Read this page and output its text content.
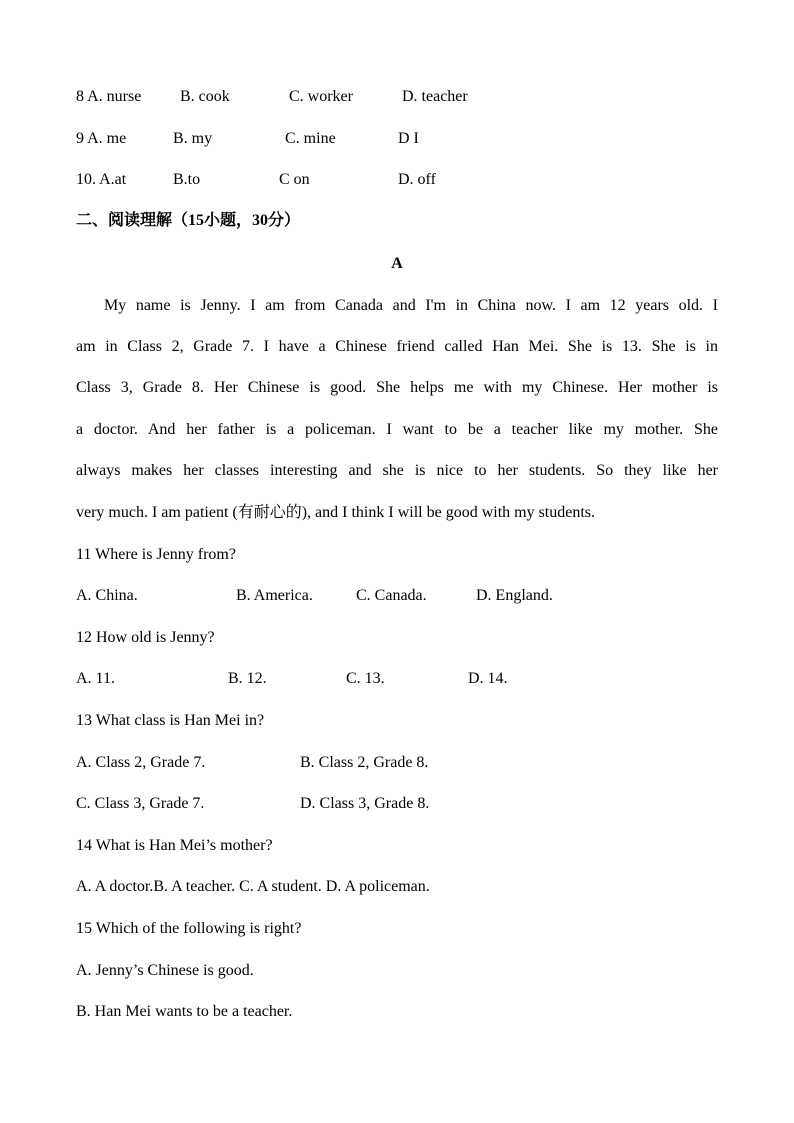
8 A. nurse B. cook	C. worker	D. teacher
9 A. me	B. my	C. mine	D I
10. A.at	B.to	C on	D. off
二、阅读理解（15小题，30分）
A
My name is Jenny. I am from Canada and I'm in China now. I am 12 years old. I
am in Class 2, Grade 7. I have a Chinese friend called Han Mei. She is 13. She is in
Class 3, Grade 8. Her Chinese is good. She helps me with my Chinese. Her mother is
a doctor. And her father is a policeman. I want to be a teacher like my mother. She
always makes her classes interesting and she is nice to her students. So they like her
very much. I am patient (有耐心的), and I think I will be good with my students.
11 Where is Jenny from?
A. China.	B. America.	C. Canada.	D. England.
12 How old is Jenny?
A. 11.	B. 12.	C. 13.	D. 14.
13 What class is Han Mei in?
A. Class 2, Grade 7.	B. Class 2, Grade 8.
C. Class 3, Grade 7.	D. Class 3, Grade 8.
14 What is Han Mei’s mother?
A. A doctor.B. A teacher. C. A student. D. A policeman.
15 Which of the following is right?
A. Jenny’s Chinese is good.
B. Han Mei wants to be a teacher.
